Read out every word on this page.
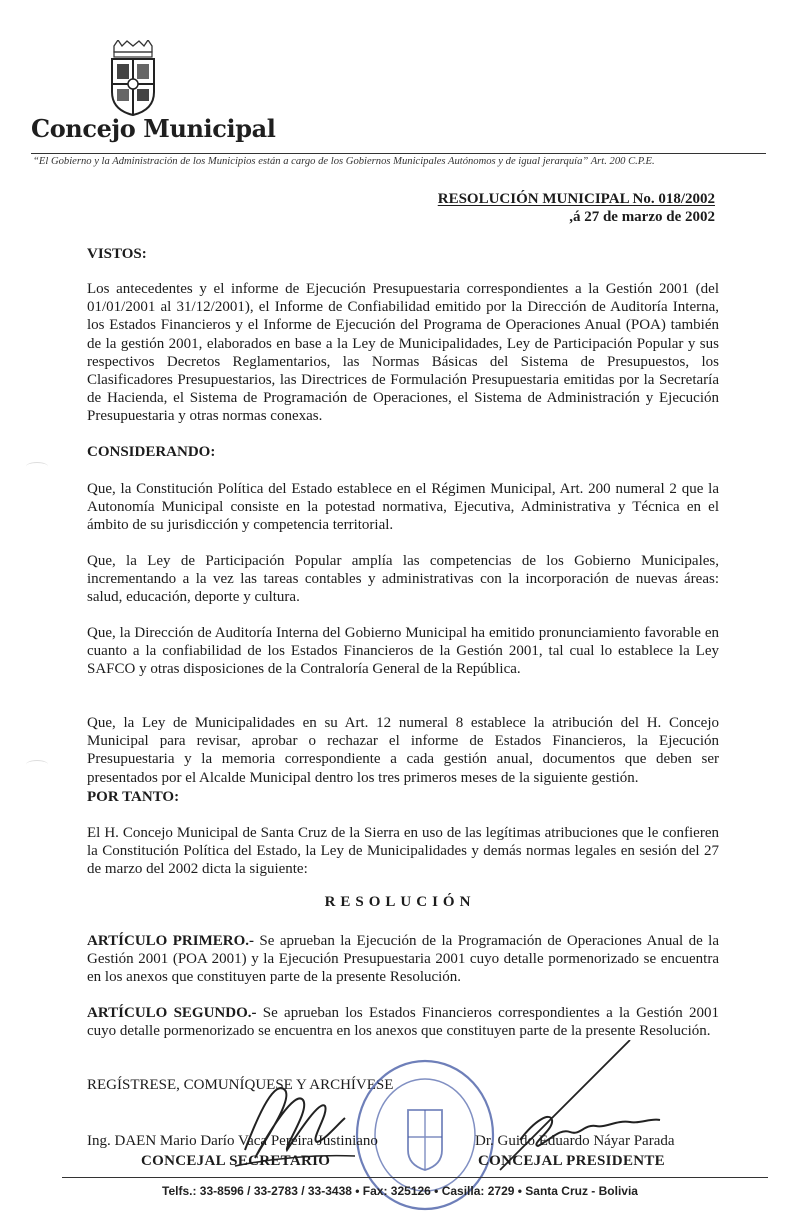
Concejo Municipal
“El Gobierno y la Administración de los Municipios están a cargo de los Gobiernos Municipales Autónomos y de igual jerarquía” Art. 200 C.P.E.
RESOLUCIÓN MUNICIPAL No. 018/2002
,á 27 de marzo de 2002
VISTOS:
Los antecedentes y el informe de Ejecución Presupuestaria correspondientes a la Gestión 2001 (del 01/01/2001 al 31/12/2001), el Informe de Confiabilidad emitido por la Dirección de Auditoría Interna, los Estados Financieros y el Informe de Ejecución del Programa de Operaciones Anual (POA) también de la gestión 2001, elaborados en base a la Ley de Municipalidades, Ley de Participación Popular y sus respectivos Decretos Reglamentarios, las Normas Básicas del Sistema de Presupuestos, los Clasificadores Presupuestarios, las Directrices de Formulación Presupuestaria emitidas por la Secretaría de Hacienda, el Sistema de Programación de Operaciones, el Sistema de Administración y Ejecución Presupuestaria y otras normas conexas.
CONSIDERANDO:
Que, la Constitución Política del Estado establece en el Régimen Municipal, Art. 200 numeral 2 que la Autonomía Municipal consiste en la potestad normativa, Ejecutiva, Administrativa y Técnica en el ámbito de su jurisdicción y competencia territorial.
Que, la Ley de Participación Popular amplía las competencias de los Gobierno Municipales, incrementando a la vez las tareas contables y administrativas con la incorporación de nuevas áreas: salud, educación, deporte y cultura.
Que, la Dirección de Auditoría Interna del Gobierno Municipal ha emitido pronunciamiento favorable en cuanto a la confiabilidad de los Estados Financieros de la Gestión 2001, tal cual lo establece la Ley SAFCO y otras disposiciones de la Contraloría General de la República.
Que, la Ley de Municipalidades en su Art. 12 numeral 8 establece la atribución del H. Concejo Municipal para revisar, aprobar o rechazar el informe de Estados Financieros, la Ejecución Presupuestaria y la memoria correspondiente a cada gestión anual, documentos que deben ser presentados por el Alcalde Municipal dentro los tres primeros meses de la siguiente gestión.
POR TANTO:
El H. Concejo Municipal de Santa Cruz de la Sierra en uso de las legítimas atribuciones que le confieren la Constitución Política del Estado, la Ley de Municipalidades y demás normas legales en sesión del 27 de marzo del 2002 dicta la siguiente:
RESOLUCIÓN
ARTÍCULO PRIMERO.- Se aprueban la Ejecución de la Programación de Operaciones Anual de la Gestión 2001 (POA 2001) y la Ejecución Presupuestaria 2001 cuyo detalle pormenorizado se encuentra en los anexos que constituyen parte de la presente Resolución.
ARTÍCULO SEGUNDO.- Se aprueban los Estados Financieros correspondientes a la Gestión 2001 cuyo detalle pormenorizado se encuentra en los anexos que constituyen parte de la presente Resolución.
REGÍSTRESE, COMUNÍQUESE Y ARCHÍVESE
Ing. DAEN Mario Darío Vaca Pereira Justiniano
CONCEJAL SECRETARIO
Dr. Guido Eduardo Náyar Parada
CONCEJAL PRESIDENTE
Telfs.: 33-8596 / 33-2783 / 33-3438 • Fax: 325126 • Casilla: 2729 • Santa Cruz - Bolivia
